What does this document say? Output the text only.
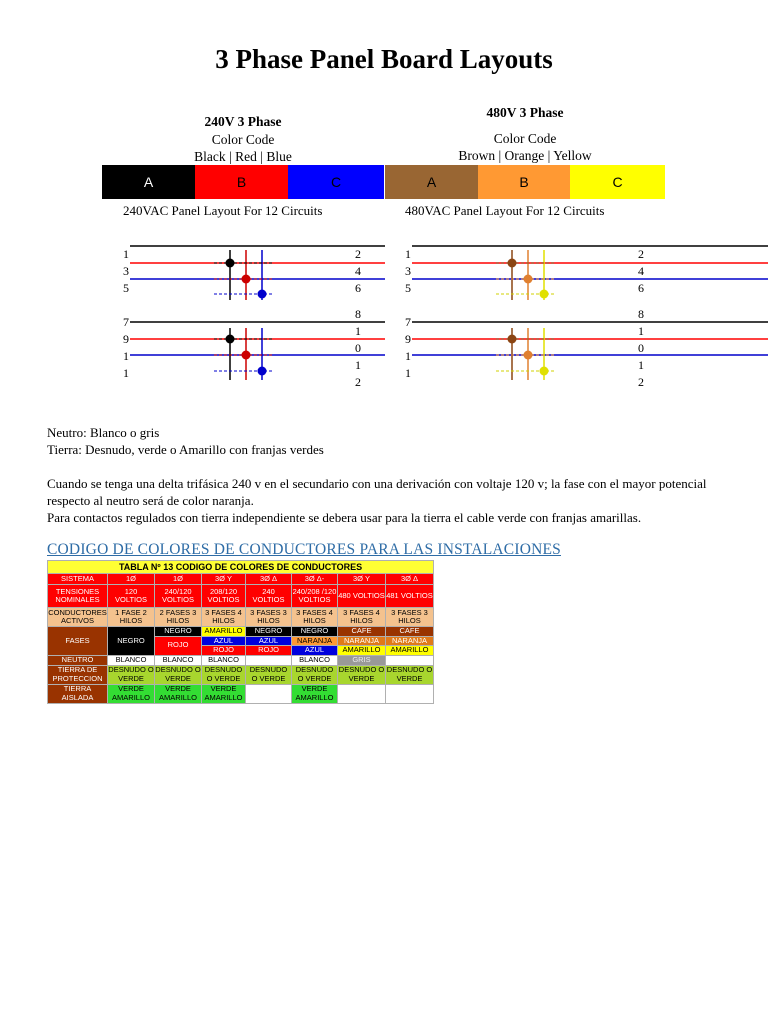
3 Phase Panel Board Layouts
240V 3 Phase
Color Code
Black | Red | Blue
480V 3 Phase
Color Code
Brown | Orange | Yellow
A	B	C	A	B	C
240VAC Panel Layout For 12 Circuits	480VAC Panel Layout For 12 Circuits
1
3
5
7
9
1
1
2
4
6
8
1
0
1
2
1
3
5
7
9
1
1
2
4
6
8
1
0
1
2

Neutro: Blanco o gris

Tierra: Desnudo, verde o Amarillo con franjas verdes

Cuando se tenga una delta trifásica 240 v en el secundario con una derivación con voltaje 120 v; la fase con el mayor potencial respecto al neutro será de color naranja.

Para contactos regulados con tierra independiente se debera usar para la tierra el cable verde con franjas amarillas.

CODIGO DE COLORES DE CONDUCTORES PARA LAS INSTALACIONES
TABLA Nº 13 CODIGO DE COLORES DE CONDUCTORES							
SISTEMA	1Ø	1Ø	3Ø Y	3Ø Δ	3Ø Δ-	3Ø Y	3Ø Δ
TENSIONES NOMINALES	120 VOLTIOS	240/120 VOLTIOS	208/120 VOLTIOS	240 VOLTIOS	240/208 /120 VOLTIOS	480 VOLTIOS	481 VOLTIOS
CONDUCTORES ACTIVOS	1 FASE 2 HILOS	2 FASES 3 HILOS	3 FASES 4 HILOS	3 FASES 3 HILOS	3 FASES 4 HILOS	3 FASES 4 HILOS	3 FASES 3 HILOS
FASES	NEGRO	NEGRO	AMARILLO	NEGRO	NEGRO	CAFE	CAFE
		ROJO	AZUL	AZUL	NARANJA	NARANJA	NARANJA
			ROJO	ROJO	AZUL	AMARILLO	AMARILLO
NEUTRO	BLANCO	BLANCO	BLANCO		BLANCO	GRIS	
TIERRA DE PROTECCION	DESNUDO O VERDE	DESNUDO O VERDE	DESNUDO O VERDE	DESNUDO O VERDE	DESNUDO O VERDE	DESNUDO O VERDE	DESNUDO O VERDE
TIERRA AISLADA	VERDE AMARILLO	VERDE AMARILLO	VERDE AMARILLO		VERDE AMARILLO		
